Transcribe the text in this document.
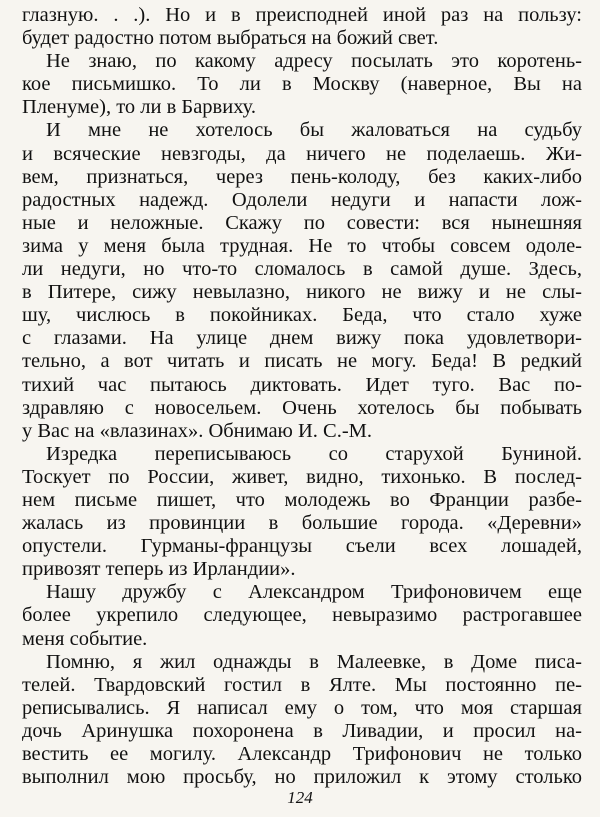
глазную. . .). Но и в преисподней иной раз на пользу:
будет радостно потом выбраться на божий свет.
Не знаю, по какому адресу посылать это коротень-
кое письмишко. То ли в Москву (наверное, Вы на
Пленуме), то ли в Барвиху.
И мне не хотелось бы жаловаться на судьбу
и всяческие невзгоды, да ничего не поделаешь. Жи-
вем, признаться, через пень-колоду, без каких-либо
радостных надежд. Одолели недуги и напасти лож-
ные и неложные. Скажу по совести: вся нынешняя
зима у меня была трудная. Не то чтобы совсем одоле-
ли недуги, но что-то сломалось в самой душе. Здесь,
в Питере, сижу невылазно, никого не вижу и не слы-
шу, числюсь в покойниках. Беда, что стало хуже
с глазами. На улице днем вижу пока удовлетвори-
тельно, а вот читать и писать не могу. Беда! В редкий
тихий час пытаюсь диктовать. Идет туго. Вас по-
здравляю с новосельем. Очень хотелось бы побывать
у Вас на «влазинах». Обнимаю И. С.-М.
Изредка переписываюсь со старухой Буниной.
Тоскует по России, живет, видно, тихонько. В послед-
нем письме пишет, что молодежь во Франции разбе-
жалась из провинции в большие города. «Деревни»
опустели. Гурманы-французы съели всех лошадей,
привозят теперь из Ирландии».
Нашу дружбу с Александром Трифоновичем еще
более укрепило следующее, невыразимо растрогавшее
меня событие.
Помню, я жил однажды в Малеевке, в Доме писа-
телей. Твардовский гостил в Ялте. Мы постоянно пе-
реписывались. Я написал ему о том, что моя старшая
дочь Аринушка похоронена в Ливадии, и просил на-
вестить ее могилу. Александр Трифонович не только
выполнил мою просьбу, но приложил к этому столько
124
